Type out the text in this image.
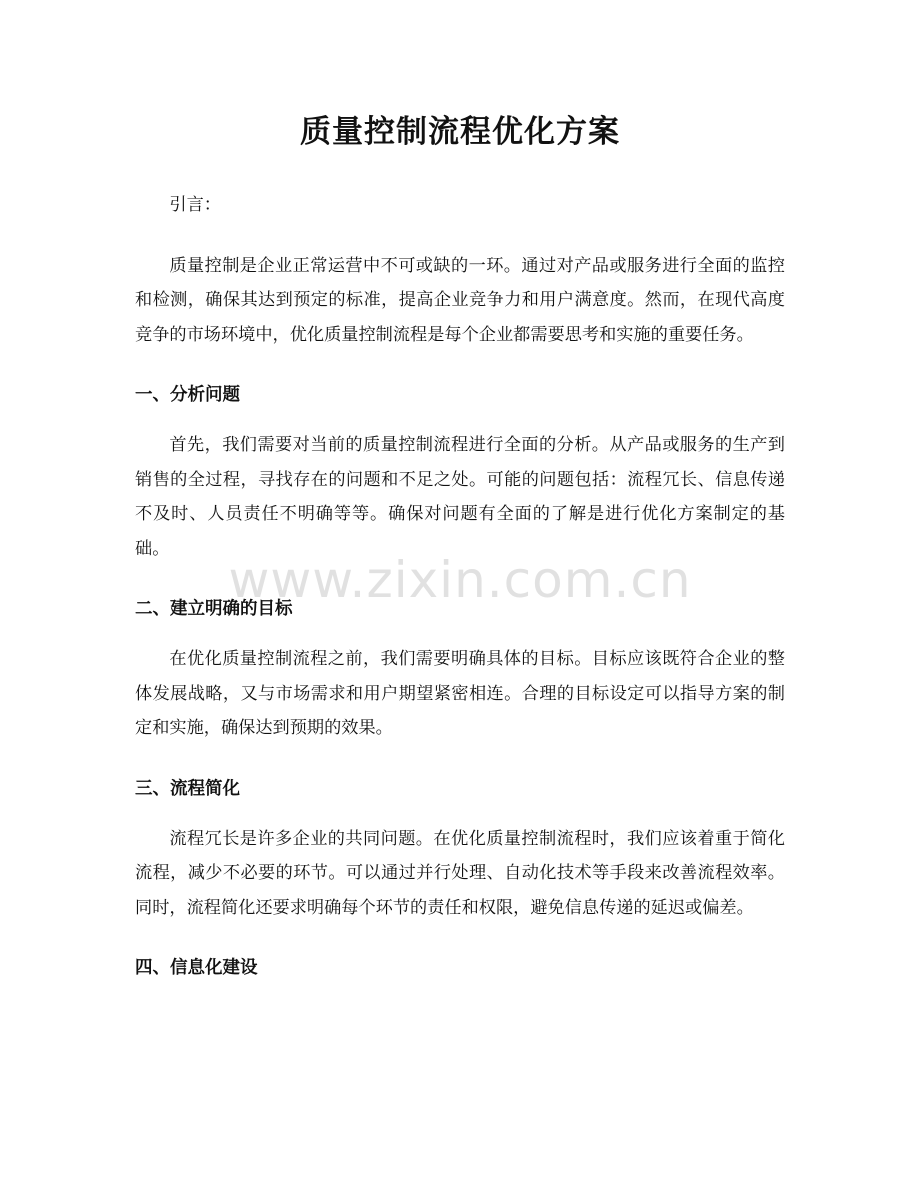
质量控制流程优化方案

引言：

质量控制是企业正常运营中不可或缺的一环。通过对产品或服务进行全面的监控和检测，确保其达到预定的标准，提高企业竞争力和用户满意度。然而，在现代高度竞争的市场环境中，优化质量控制流程是每个企业都需要思考和实施的重要任务。

一、分析问题

首先，我们需要对当前的质量控制流程进行全面的分析。从产品或服务的生产到销售的全过程，寻找存在的问题和不足之处。可能的问题包括：流程冗长、信息传递不及时、人员责任不明确等等。确保对问题有全面的了解是进行优化方案制定的基础。

二、建立明确的目标

在优化质量控制流程之前，我们需要明确具体的目标。目标应该既符合企业的整体发展战略，又与市场需求和用户期望紧密相连。合理的目标设定可以指导方案的制定和实施，确保达到预期的效果。

三、流程简化

流程冗长是许多企业的共同问题。在优化质量控制流程时，我们应该着重于简化流程，减少不必要的环节。可以通过并行处理、自动化技术等手段来改善流程效率。同时，流程简化还要求明确每个环节的责任和权限，避免信息传递的延迟或偏差。

四、信息化建设
www.zixin.com.cn
